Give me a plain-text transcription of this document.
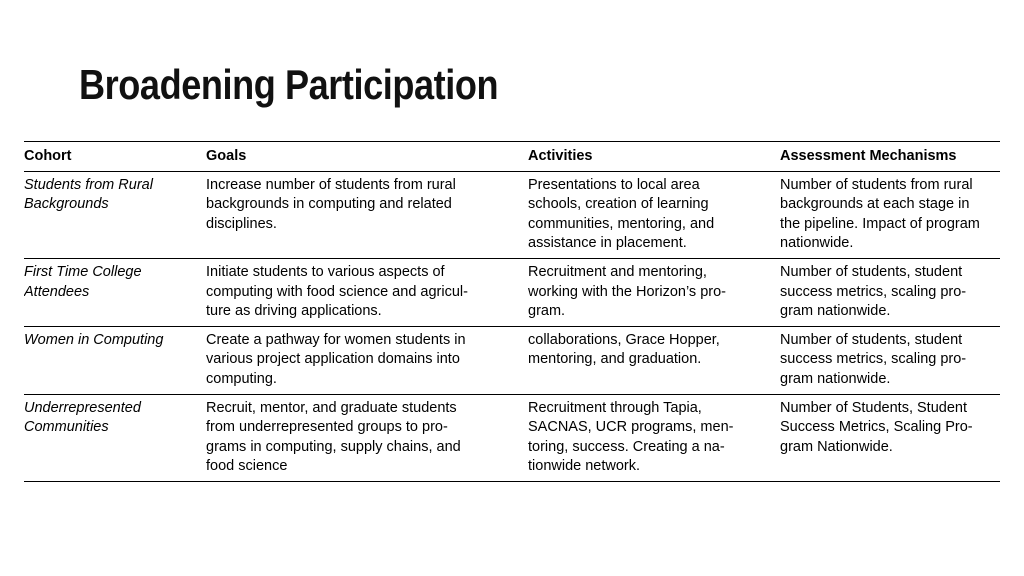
Broadening Participation
Cohort	Goals	Activities	Assessment Mechanisms

Students from Rural
Backgrounds	Increase number of students from rural
backgrounds in computing and related
disciplines.	Presentations to local area
schools, creation of learning
communities, mentoring, and
assistance in placement.	Number of students from rural
backgrounds at each stage in
the pipeline. Impact of program
nationwide.

First Time College
Attendees	Initiate students to various aspects of
computing with food science and agricul-
ture as driving applications.	Recruitment and mentoring,
working with the Horizon’s pro-
gram.	Number of students, student
success metrics, scaling pro-
gram nationwide.

Women in Computing	Create a pathway for women students in
various project application domains into
computing.	collaborations, Grace Hopper,
mentoring, and graduation.	Number of students, student
success metrics, scaling pro-
gram nationwide.

Underrepresented
Communities	Recruit, mentor, and graduate students
from underrepresented groups to pro-
grams in computing, supply chains, and
food science	Recruitment through Tapia,
SACNAS, UCR programs, men-
toring, success. Creating a na-
tionwide network.	Number of Students, Student
Success Metrics, Scaling Pro-
gram Nationwide.
